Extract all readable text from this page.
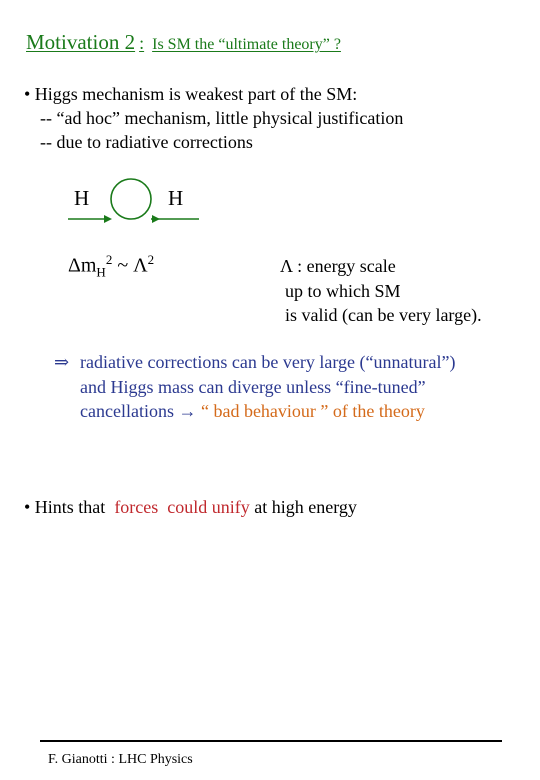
Motivation 2 : Is SM the “ultimate theory” ?
• Higgs mechanism is weakest part of the SM:
-- “ad hoc” mechanism, little physical justification
-- due to radiative corrections
H	H
$\Delta m_H^2$ ~ $\Lambda^2$	Λ : energy scale
up to which SM
is valid (can be very large).
⇒ radiative corrections can be very large (“unnatural”)
and Higgs mass can diverge unless “fine-tuned”
cancellations → “ bad behaviour ” of the theory
• Hints that  forces could unify at high energy
F. Gianotti : LHC Physics
